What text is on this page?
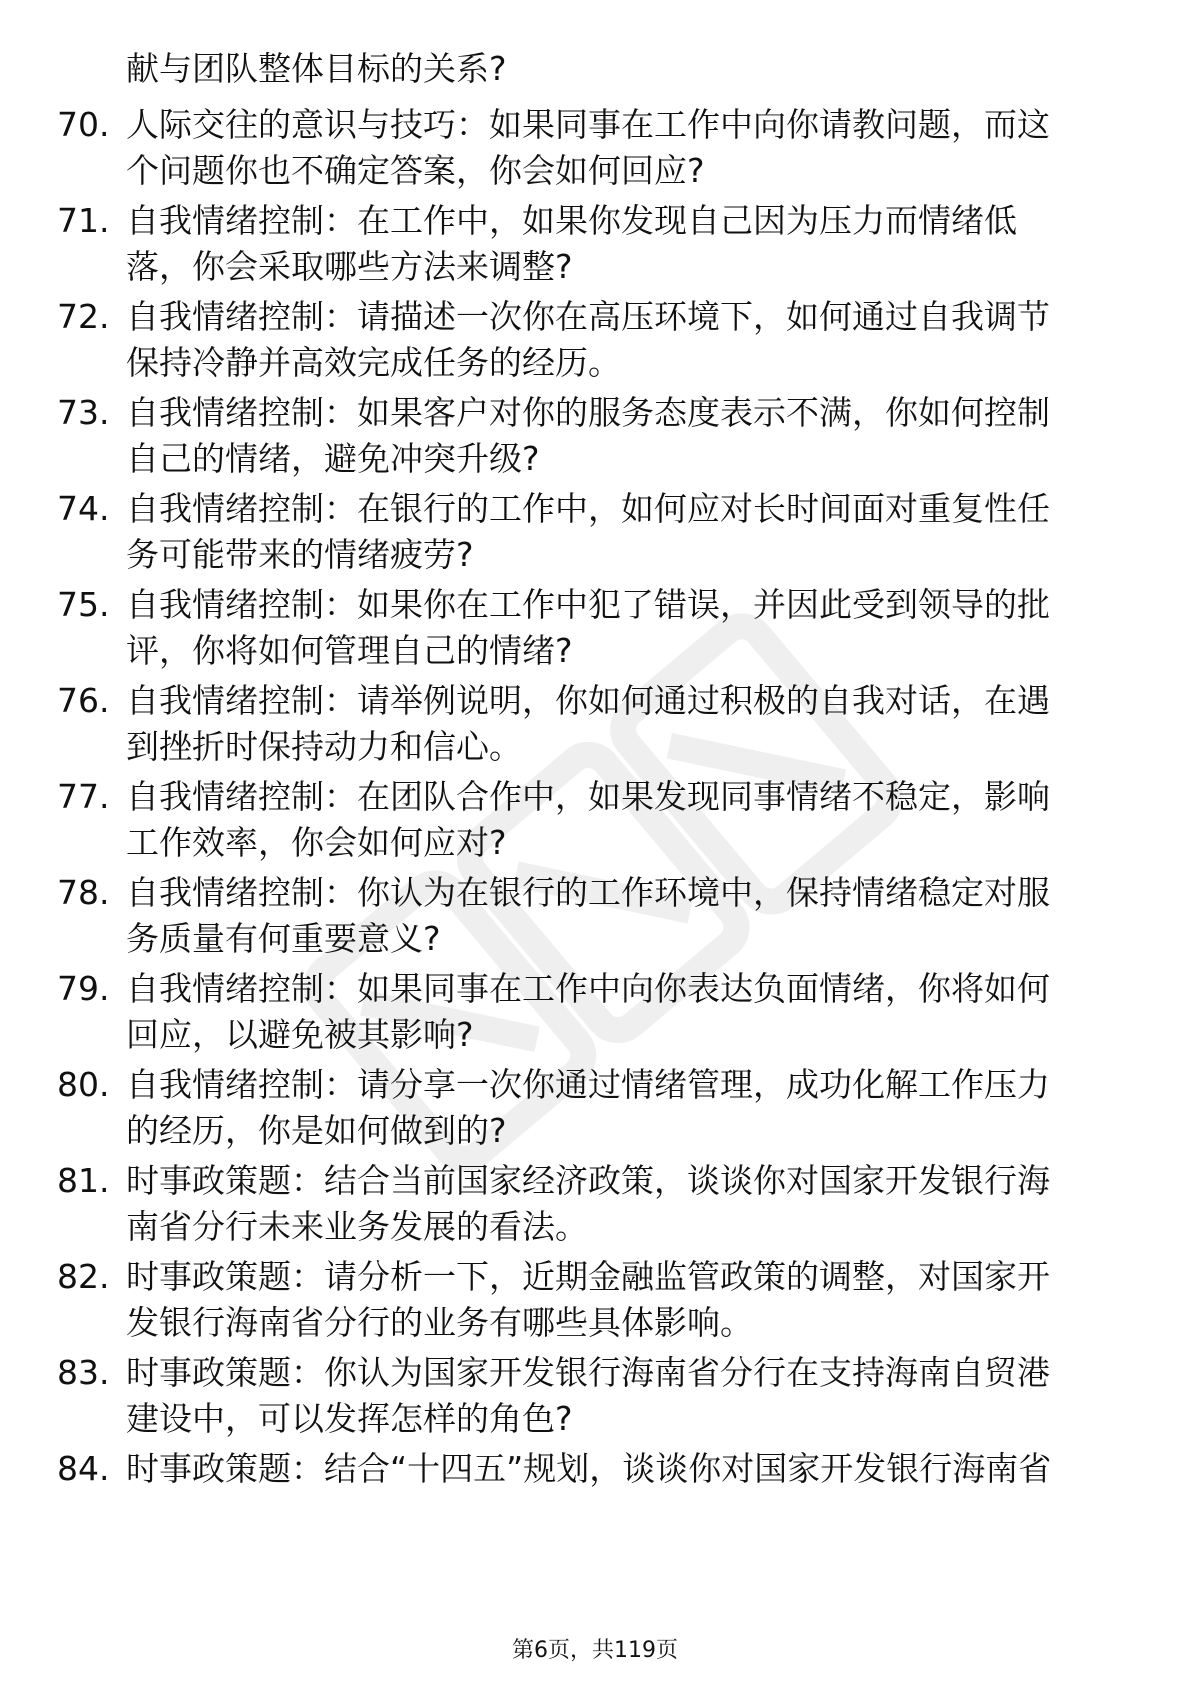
献与团队整体目标的关系?
70. 人际交往的意识与技巧：如果同事在工作中向你请教问题，而这
个问题你也不确定答案，你会如何回应?
71. 自我情绪控制：在工作中，如果你发现自己因为压力而情绪低
落，你会采取哪些方法来调整?
72. 自我情绪控制：请描述一次你在高压环境下，如何通过自我调节
保持冷静并高效完成任务的经历。
73. 自我情绪控制：如果客户对你的服务态度表示不满，你如何控制
自己的情绪，避免冲突升级?
74. 自我情绪控制：在银行的工作中，如何应对长时间面对重复性任
务可能带来的情绪疲劳?
75. 自我情绪控制：如果你在工作中犯了错误，并因此受到领导的批
评，你将如何管理自己的情绪?
76. 自我情绪控制：请举例说明，你如何通过积极的自我对话，在遇
到挫折时保持动力和信心。
77. 自我情绪控制：在团队合作中，如果发现同事情绪不稳定，影响
工作效率，你会如何应对?
78. 自我情绪控制：你认为在银行的工作环境中，保持情绪稳定对服
务质量有何重要意义?
79. 自我情绪控制：如果同事在工作中向你表达负面情绪，你将如何
回应，以避免被其影响?
80. 自我情绪控制：请分享一次你通过情绪管理，成功化解工作压力
的经历，你是如何做到的?
81. 时事政策题：结合当前国家经济政策，谈谈你对国家开发银行海
南省分行未来业务发展的看法。
82. 时事政策题：请分析一下，近期金融监管政策的调整，对国家开
发银行海南省分行的业务有哪些具体影响。
83. 时事政策题：你认为国家开发银行海南省分行在支持海南自贸港
建设中，可以发挥怎样的角色?
84. 时事政策题：结合“十四五”规划，谈谈你对国家开发银行海南省
第6页，共119页
